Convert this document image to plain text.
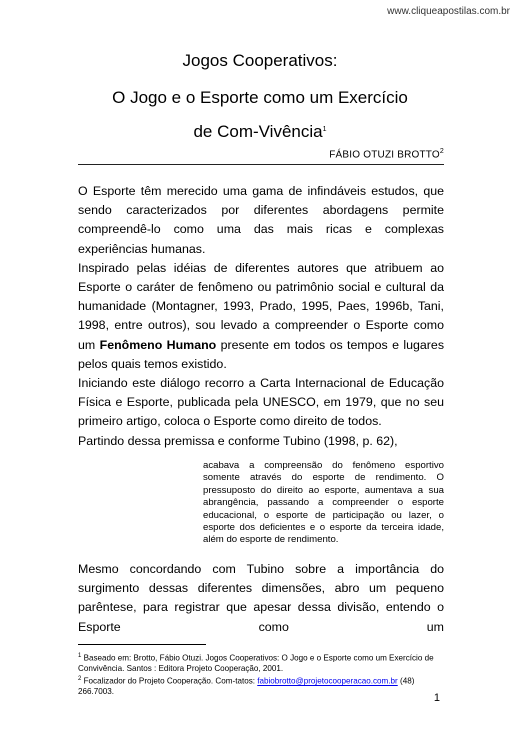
www.cliqueapostilas.com.br
Jogos Cooperativos:
O Jogo e o Esporte como um Exercício
de Com-Vivência$^1$
FÁBIO OTUZI BROTTO$^2$

O Esporte têm merecido uma gama de infindáveis estudos, que sendo caracterizados por diferentes abordagens permite compreendê-lo como uma das mais ricas e complexas experiências humanas.

Inspirado pelas idéias de diferentes autores que atribuem ao Esporte o caráter de fenômeno ou patrimônio social e cultural da humanidade (Montagner, 1993, Prado, 1995, Paes, 1996b, Tani, 1998, entre outros), sou levado a compreender o Esporte como um Fenômeno Humano presente em todos os tempos e lugares pelos quais temos existido.

Iniciando este diálogo recorro a Carta Internacional de Educação Física e Esporte, publicada pela UNESCO, em 1979, que no seu primeiro artigo, coloca o Esporte como direito de todos.

Partindo dessa premissa e conforme Tubino (1998, p. 62),

acabava a compreensão do fenômeno esportivo somente através do esporte de rendimento. O pressuposto do direito ao esporte, aumentava a sua abrangência, passando a compreender o esporte educacional, o esporte de participação ou lazer, o esporte dos deficientes e o esporte da terceira idade, além do esporte de rendimento.

Mesmo concordando com Tubino sobre a importância do surgimento dessas diferentes dimensões, abro um pequeno parêntese, para registrar que apesar dessa divisão, entendo o Esporte como um

$^1$ Baseado em: Brotto, Fábio Otuzi. Jogos Cooperativos: O Jogo e o Esporte como um Exercício de Convivência. Santos : Editora Projeto Cooperação, 2001.

$^2$ Focalizador do Projeto Cooperação. Com-tatos: fabiobrotto@projetocooperacao.com.br (48) 266.7003.

1
